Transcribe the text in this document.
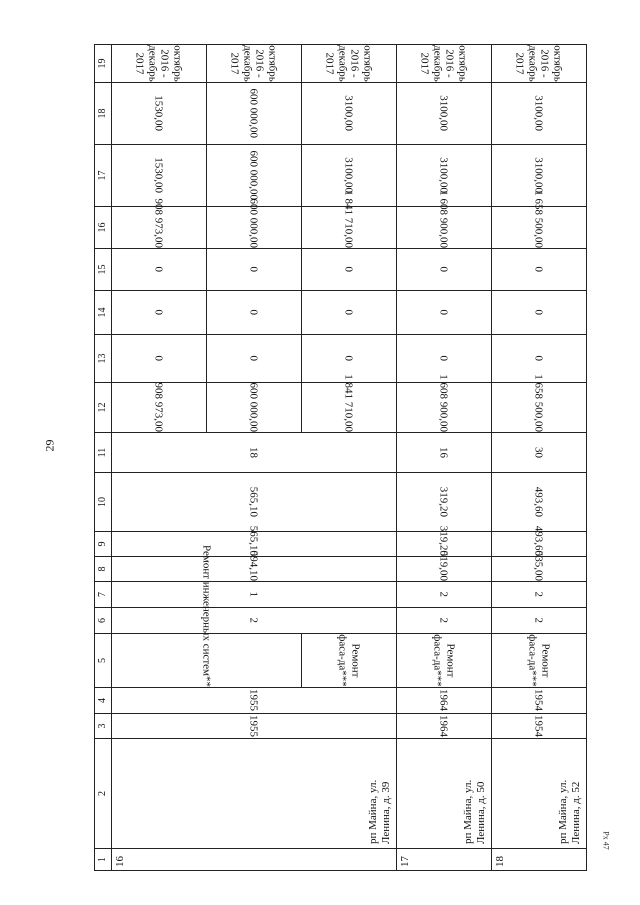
29
1	2	3	4	5	6	7	8	9	10	11	12	13	14	15	16	17	18	19
16	рп Майна, ул. Ленина, д. 39	1955	1955	Ремонт инженерных систем**	2	1	594,10	565,10	565,10	18	908 973,00	0	0	0	908 973,00	1530,00	1530,00	октябрь 2016 - декабрь 2017
											600 000,00	0	0	0	600 000,00	600 000,00	600 000,00	октябрь 2016 - декабрь 2017
				Ремонт фаса-да***							1 841 710,00	0	0	0	1 841 710,00	3100,00	3100,00	октябрь 2016 - декабрь 2017
17	рп Майна, ул. Ленина, д. 50	1964	1964	Ремонт фаса-да***	2	2	519,00	319,20	319,20	16	1 608 900,00	0	0	0	1 608 900,00	3100,00	3100,00	октябрь 2016 - декабрь 2017
18	рп Майна, ул. Ленина, д. 52	1954	1954	Ремонт фаса-да***	2	2	535,00	493,60	493,60	30	1 658 500,00	0	0	0	1 658 500,00	3100,00	3100,00	октябрь 2016 - декабрь 2017
Рх 47
